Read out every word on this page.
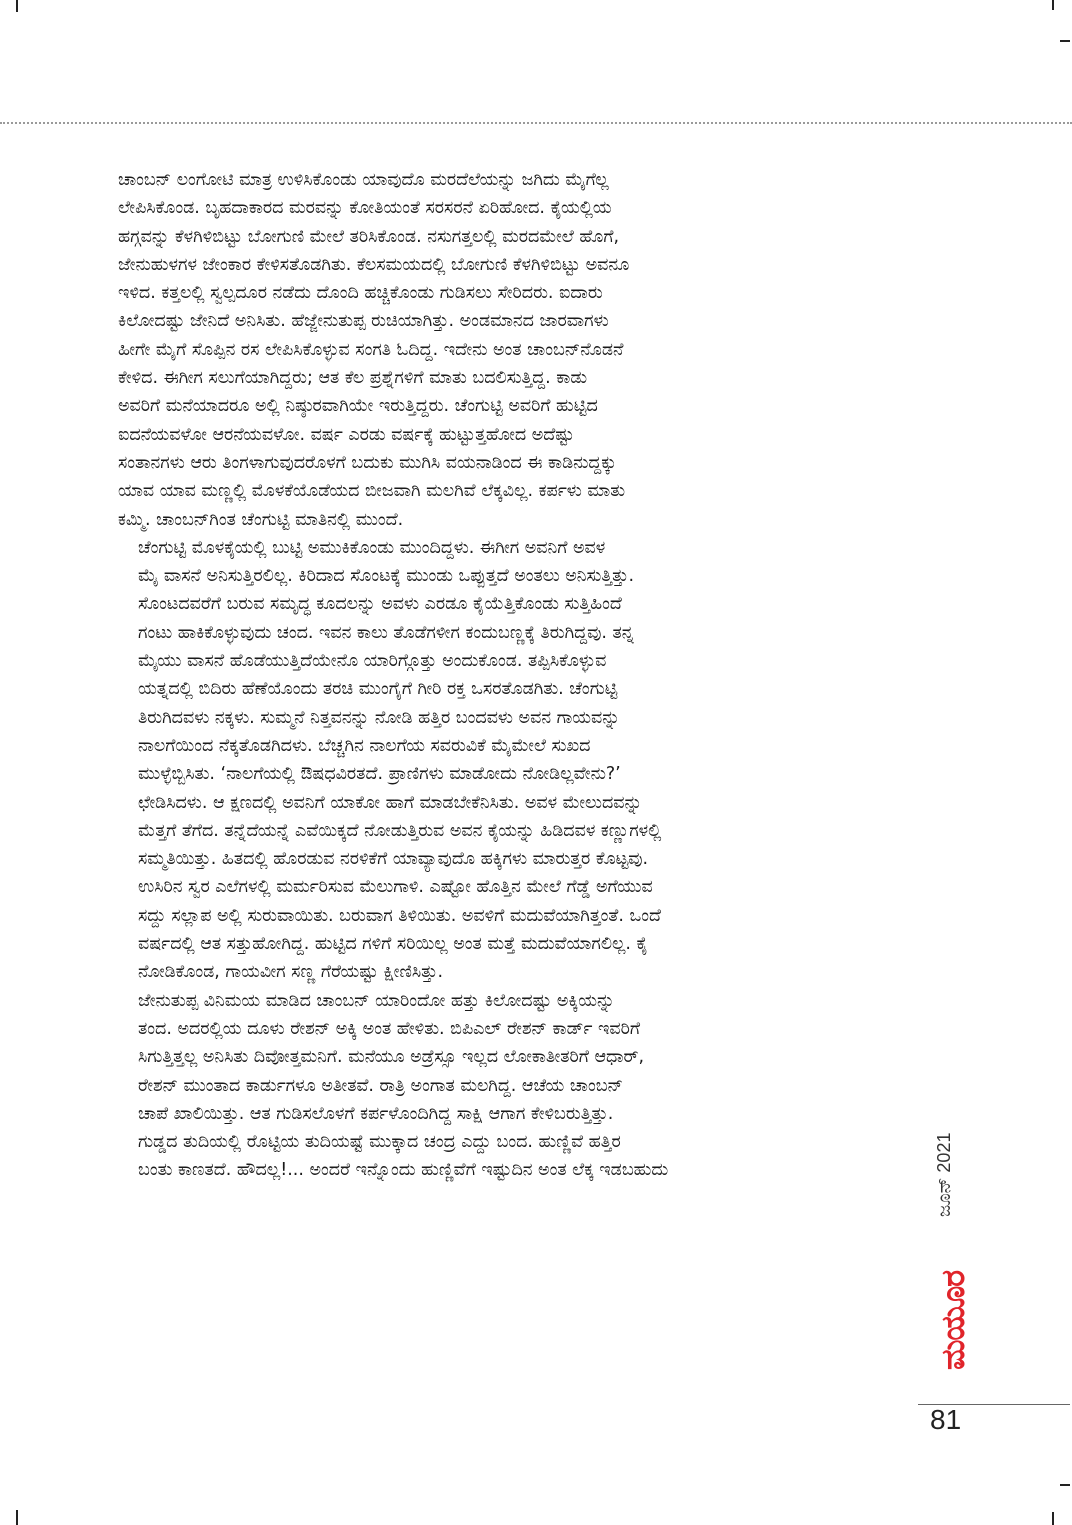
ಚಾಂಬನ್ ಲಂಗೋಟಿ ಮಾತ್ರ ಉಳಿಸಿಕೊಂಡು ಯಾವುದೊ ಮರದೆಲೆಯನ್ನು ಜಗಿದು ಮೈಗೆಲ್ಲ
ಲೇಪಿಸಿಕೊಂಡ. ಬೃಹದಾಕಾರದ ಮರವನ್ನು ಕೋತಿಯಂತೆ ಸರಸರನೆ ಏರಿಹೋದ. ಕೈಯಲ್ಲಿಯ
ಹಗ್ಗವನ್ನು ಕೆಳಗಿಳಿಬಿಟ್ಟು ಬೋಗುಣಿ ಮೇಲೆ ತರಿಸಿಕೊಂಡ. ನಸುಗತ್ತಲಲ್ಲಿ ಮರದಮೇಲೆ ಹೊಗೆ,
ಜೇನುಹುಳಗಳ ಜೇಂಕಾರ ಕೇಳಿಸತೊಡಗಿತು. ಕೆಲಸಮಯದಲ್ಲಿ ಬೋಗುಣಿ ಕೆಳಗಿಳಿಬಿಟ್ಟು ಅವನೂ
ಇಳಿದ. ಕತ್ತಲಲ್ಲಿ ಸ್ವಲ್ಪದೂರ ನಡೆದು ದೊಂದಿ ಹಚ್ಚಿಕೊಂಡು ಗುಡಿಸಲು ಸೇರಿದರು. ಐದಾರು
ಕಿಲೋದಷ್ಟು ಜೇನಿದೆ ಅನಿಸಿತು. ಹೆಜ್ಜೇನುತುಪ್ಪ ರುಚಿಯಾಗಿತ್ತು. ಅಂಡಮಾನದ ಜಾರವಾಗಳು
ಹೀಗೇ ಮೈಗೆ ಸೊಪ್ಪಿನ ರಸ ಲೇಪಿಸಿಕೊಳ್ಳುವ ಸಂಗತಿ ಓದಿದ್ದ. ಇದೇನು ಅಂತ ಚಾಂಬನ್‌ನೊಡನೆ
ಕೇಳಿದ. ಈಗೀಗ ಸಲುಗೆಯಾಗಿದ್ದರು; ಆತ ಕೆಲ ಪ್ರಶ್ನೆಗಳಿಗೆ ಮಾತು ಬದಲಿಸುತ್ತಿದ್ದ. ಕಾಡು
ಅವರಿಗೆ ಮನೆಯಾದರೂ ಅಲ್ಲಿ ನಿಷ್ಠುರವಾಗಿಯೇ ಇರುತ್ತಿದ್ದರು. ಚೆಂಗುಟ್ಟಿ ಅವರಿಗೆ ಹುಟ್ಟಿದ
ಐದನೆಯವಳೋ ಆರನೆಯವಳೋ. ವರ್ಷ ಎರಡು ವರ್ಷಕ್ಕೆ ಹುಟ್ಟುತ್ತಹೋದ ಅದೆಷ್ಟು
ಸಂತಾನಗಳು ಆರು ತಿಂಗಳಾಗುವುದರೊಳಗೆ ಬದುಕು ಮುಗಿಸಿ ವಯನಾಡಿಂದ ಈ ಕಾಡಿನುದ್ದಕ್ಕು
ಯಾವ ಯಾವ ಮಣ್ಣಲ್ಲಿ ಮೊಳಕೆಯೊಡೆಯದ ಬೀಜವಾಗಿ ಮಲಗಿವೆ ಲೆಕ್ಕವಿಲ್ಲ. ಕರ್ಪಳು ಮಾತು
ಕಮ್ಮಿ. ಚಾಂಬನ್‌ಗಿಂತ ಚೆಂಗುಟ್ಟಿ ಮಾತಿನಲ್ಲಿ ಮುಂದೆ.

ಚೆಂಗುಟ್ಟಿ ಮೊಳಕೈಯಲ್ಲಿ ಬುಟ್ಟಿ ಅಮುಕಿಕೊಂಡು ಮುಂದಿದ್ದಳು. ಈಗೀಗ ಅವನಿಗೆ ಅವಳ
ಮೈ ವಾಸನೆ ಅನಿಸುತ್ತಿರಲಿಲ್ಲ. ಕಿರಿದಾದ ಸೊಂಟಕ್ಕೆ ಮುಂಡು ಒಪ್ಪುತ್ತದೆ ಅಂತಲು ಅನಿಸುತ್ತಿತ್ತು.
ಸೊಂಟದವರೆಗೆ ಬರುವ ಸಮೃದ್ಧ ಕೂದಲನ್ನು ಅವಳು ಎರಡೂ ಕೈಯೆತ್ತಿಕೊಂಡು ಸುತ್ತಿಹಿಂದೆ
ಗಂಟು ಹಾಕಿಕೊಳ್ಳುವುದು ಚಂದ. ಇವನ ಕಾಲು ತೊಡೆಗಳೀಗ ಕಂದುಬಣ್ಣಕ್ಕೆ ತಿರುಗಿದ್ದವು. ತನ್ನ
ಮೈಯು ವಾಸನೆ ಹೊಡೆಯುತ್ತಿದೆಯೇನೊ ಯಾರಿಗ್ಗೊತ್ತು ಅಂದುಕೊಂಡ. ತಪ್ಪಿಸಿಕೊಳ್ಳುವ
ಯತ್ನದಲ್ಲಿ ಬಿದಿರು ಹೆಣೆಯೊಂದು ತರಚಿ ಮುಂಗೈಗೆ ಗೀರಿ ರಕ್ತ ಒಸರತೊಡಗಿತು. ಚೆಂಗುಟ್ಟಿ
ತಿರುಗಿದವಳು ನಕ್ಕಳು. ಸುಮ್ಮನೆ ನಿತ್ತವನನ್ನು ನೋಡಿ ಹತ್ತಿರ ಬಂದವಳು ಅವನ ಗಾಯವನ್ನು
ನಾಲಗೆಯಿಂದ ನೆಕ್ಕತೊಡಗಿದಳು. ಬೆಚ್ಚಗಿನ ನಾಲಗೆಯ ಸವರುವಿಕೆ ಮೈಮೇಲೆ ಸುಖದ
ಮುಳ್ಳೆಬ್ಬಿಸಿತು. ‘ನಾಲಗೆಯಲ್ಲಿ ಔಷಧವಿರತದೆ. ಪ್ರಾಣಿಗಳು ಮಾಡೋದು ನೋಡಿಲ್ಲವೇನು?’
ಛೇಡಿಸಿದಳು. ಆ ಕ್ಷಣದಲ್ಲಿ ಅವನಿಗೆ ಯಾಕೋ ಹಾಗೆ ಮಾಡಬೇಕೆನಿಸಿತು. ಅವಳ ಮೇಲುದವನ್ನು
ಮೆತ್ತಗೆ ತೆಗೆದ. ತನ್ನೆದೆಯನ್ನೆ ಎವೆಯಿಕ್ಕದೆ ನೋಡುತ್ತಿರುವ ಅವನ ಕೈಯನ್ನು ಹಿಡಿದವಳ ಕಣ್ಣುಗಳಲ್ಲಿ
ಸಮ್ಮತಿಯಿತ್ತು. ಹಿತದಲ್ಲಿ ಹೊರಡುವ ನರಳಿಕೆಗೆ ಯಾವ್ಯಾವುದೊ ಹಕ್ಕಿಗಳು ಮಾರುತ್ತರ ಕೊಟ್ಟವು.
ಉಸಿರಿನ ಸ್ವರ ಎಲೆಗಳಲ್ಲಿ ಮರ್ಮರಿಸುವ ಮೆಲುಗಾಳಿ. ಎಷ್ಟೋ ಹೊತ್ತಿನ ಮೇಲೆ ಗೆಡ್ಡೆ ಅಗೆಯುವ
ಸದ್ದು ಸಲ್ಲಾಪ ಅಲ್ಲಿ ಸುರುವಾಯಿತು. ಬರುವಾಗ ತಿಳಿಯಿತು. ಅವಳಿಗೆ ಮದುವೆಯಾಗಿತ್ತಂತೆ. ಒಂದೆ
ವರ್ಷದಲ್ಲಿ ಆತ ಸತ್ತುಹೋಗಿದ್ದ. ಹುಟ್ಟಿದ ಗಳಿಗೆ ಸರಿಯಿಲ್ಲ ಅಂತ ಮತ್ತೆ ಮದುವೆಯಾಗಲಿಲ್ಲ. ಕೈ
ನೋಡಿಕೊಂಡ, ಗಾಯವೀಗ ಸಣ್ಣ ಗೆರೆಯಷ್ಟು ಕ್ಷೀಣಿಸಿತ್ತು.

ಜೇನುತುಪ್ಪ ವಿನಿಮಯ ಮಾಡಿದ ಚಾಂಬನ್ ಯಾರಿಂದೋ ಹತ್ತು ಕಿಲೋದಷ್ಟು ಅಕ್ಕಿಯನ್ನು
ತಂದ. ಅದರಲ್ಲಿಯ ದೂಳು ರೇಶನ್ ಅಕ್ಕಿ ಅಂತ ಹೇಳಿತು. ಬಿಪಿಎಲ್ ರೇಶನ್ ಕಾರ್ಡ್ ಇವರಿಗೆ
ಸಿಗುತ್ತಿತ್ತಲ್ಲ ಅನಿಸಿತು ದಿವೋತ್ತಮನಿಗೆ. ಮನೆಯೂ ಅಡ್ರೆಸ್ಸೂ ಇಲ್ಲದ ಲೋಕಾತೀತರಿಗೆ ಆಧಾರ್,
ರೇಶನ್ ಮುಂತಾದ ಕಾರ್ಡುಗಳೂ ಅತೀತವೆ. ರಾತ್ರಿ ಅಂಗಾತ ಮಲಗಿದ್ದ. ಆಚೆಯ ಚಾಂಬನ್
ಚಾಪೆ ಖಾಲಿಯಿತ್ತು. ಆತ ಗುಡಿಸಲೊಳಗೆ ಕರ್ಪಳೊಂದಿಗಿದ್ದ ಸಾಕ್ಷಿ ಆಗಾಗ ಕೇಳಿಬರುತ್ತಿತ್ತು.
ಗುಡ್ಡದ ತುದಿಯಲ್ಲಿ ರೊಟ್ಟಿಯ ತುದಿಯಷ್ಟೆ ಮುಕ್ಕಾದ ಚಂದ್ರ ಎದ್ದು ಬಂದ. ಹುಣ್ಣಿವೆ ಹತ್ತಿರ
ಬಂತು ಕಾಣತದೆ. ಹೌದಲ್ಲ!... ಅಂದರೆ ಇನ್ನೊಂದು ಹುಣ್ಣಿವೆಗೆ ಇಷ್ಟುದಿನ ಅಂತ ಲೆಕ್ಕ ಇಡಬಹುದು	ಜೂನ್ 2021
ಮಯೂರ
81
